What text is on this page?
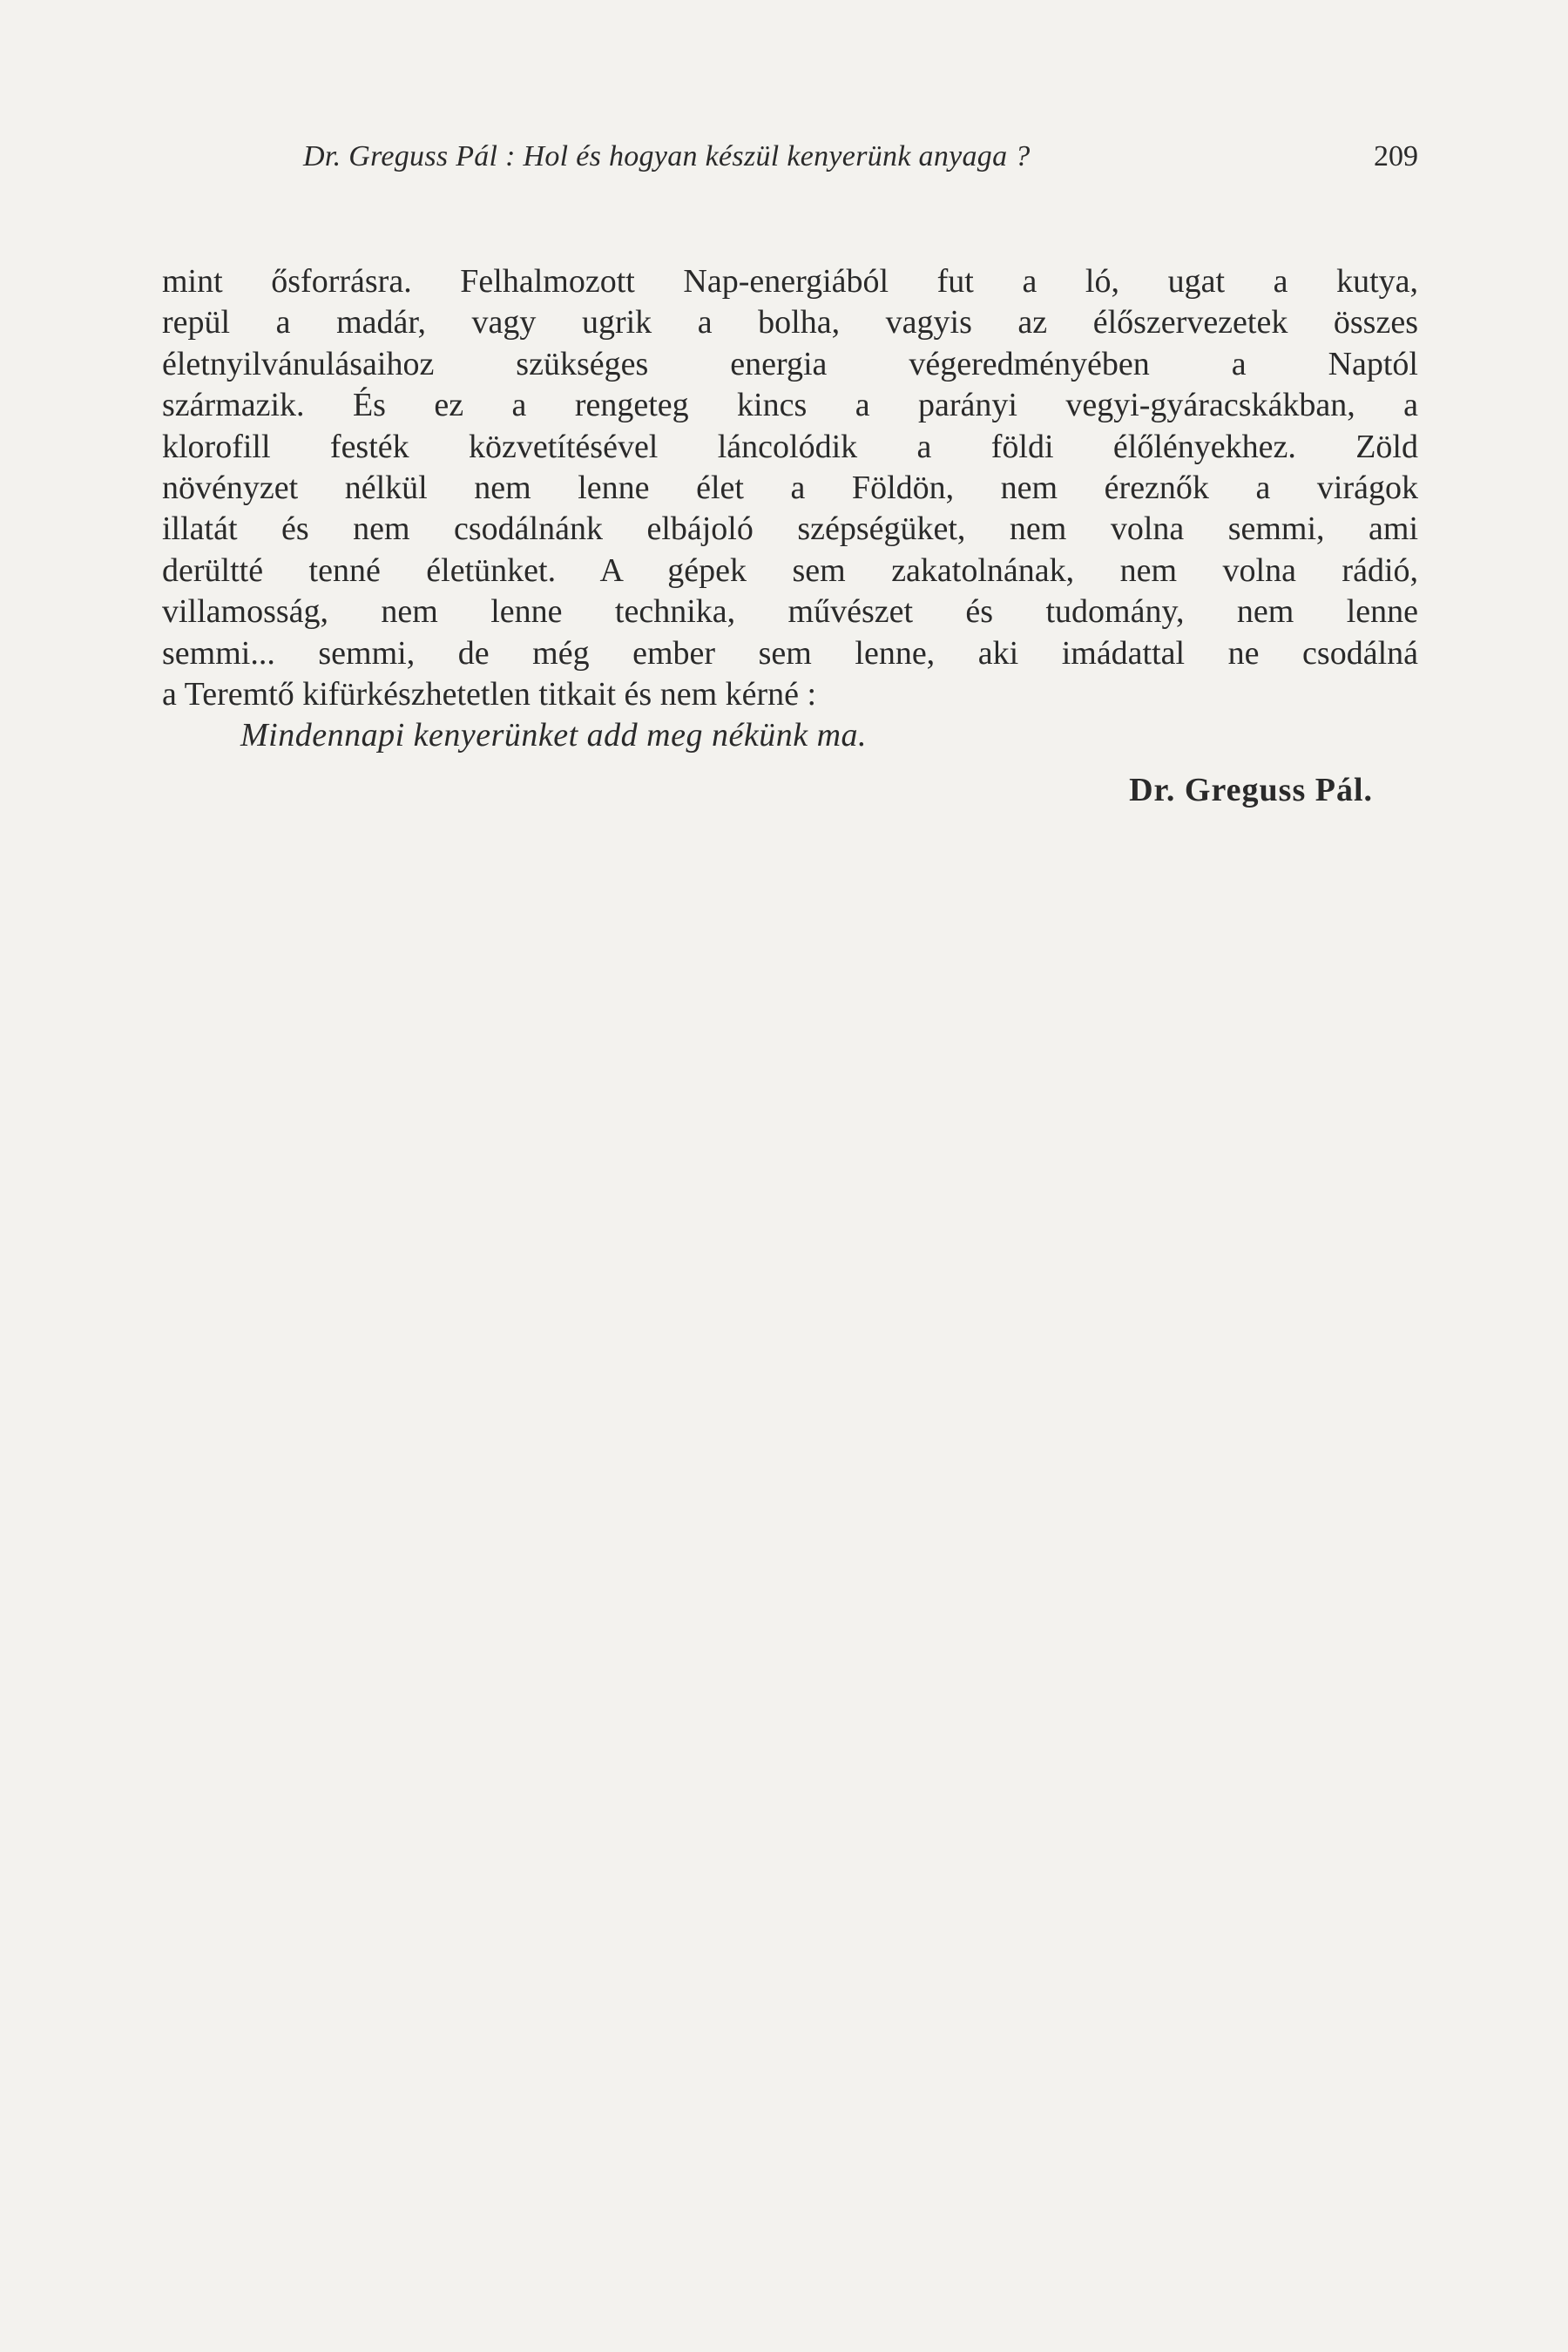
Dr. Greguss Pál : Hol és hogyan készül kenyerünk anyaga ?	209
mint ősforrásra. Felhalmozott Nap-energiából fut a ló, ugat a kutya,
repül a madár, vagy ugrik a bolha, vagyis az élőszervezetek összes
életnyilvánulásaihoz szükséges energia végeredményében a Naptól
származik. És ez a rengeteg kincs a parányi vegyi-gyáracskákban, a
klorofill festék közvetítésével láncolódik a földi élőlényekhez. Zöld
növényzet nélkül nem lenne élet a Földön, nem éreznők a virágok
illatát és nem csodálnánk elbájoló szépségüket, nem volna semmi, ami
derültté tenné életünket. A gépek sem zakatolnának, nem volna rádió,
villamosság, nem lenne technika, művészet és tudomány, nem lenne
semmi... semmi, de még ember sem lenne, aki imádattal ne csodálná
a Teremtő kifürkészhetetlen titkait és nem kérné :
Mindennapi kenyerünket add meg nékünk ma.
Dr. Greguss Pál.
